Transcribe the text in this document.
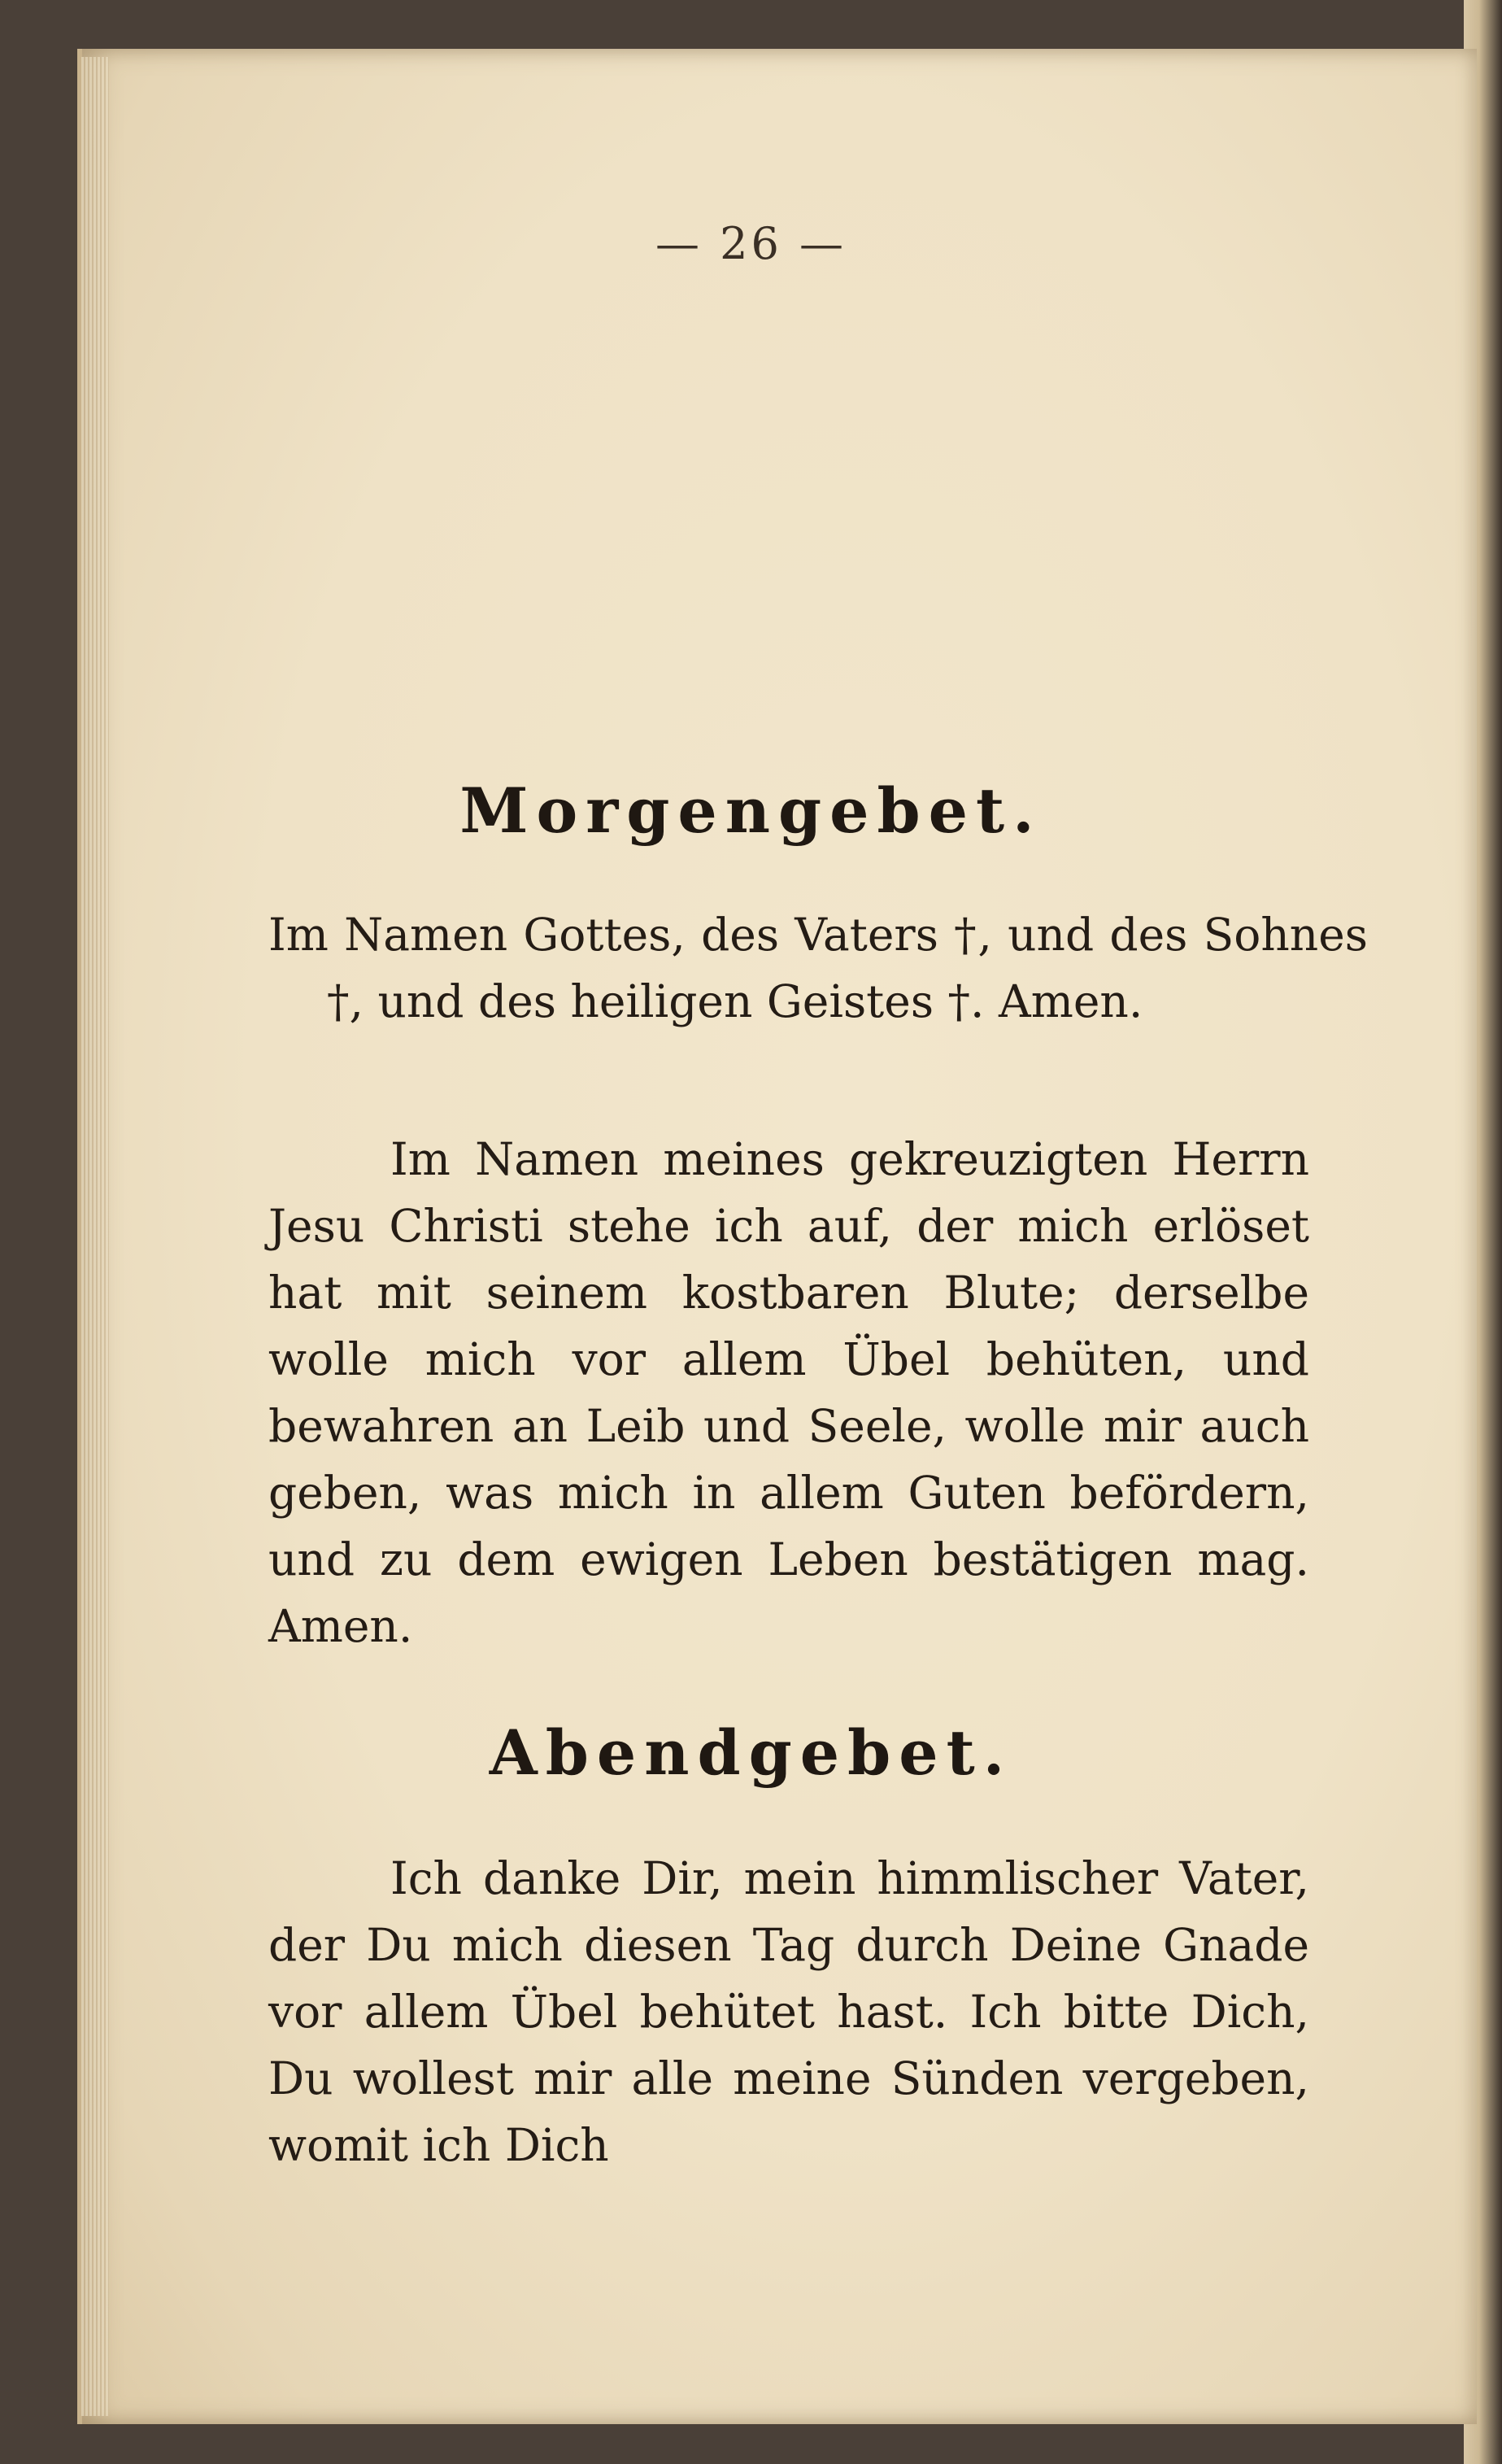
— 26 —
Morgengebet.

Im Namen Gottes, des Vaters †, und des Sohnes †, und des heiligen Geistes †. Amen.

Im Namen meines gekreuzigten Herrn Jesu Christi stehe ich auf, der mich erlöset hat mit seinem kostbaren Blute; derselbe wolle mich vor allem Übel behüten, und bewahren an Leib und Seele, wolle mir auch geben, was mich in allem Guten befördern, und zu dem ewigen Leben bestätigen mag. Amen.

Abendgebet.

Ich danke Dir, mein himmlischer Vater, der Du mich diesen Tag durch Deine Gnade vor allem Übel behütet hast. Ich bitte Dich, Du wollest mir alle meine Sünden vergeben, womit ich Dich
